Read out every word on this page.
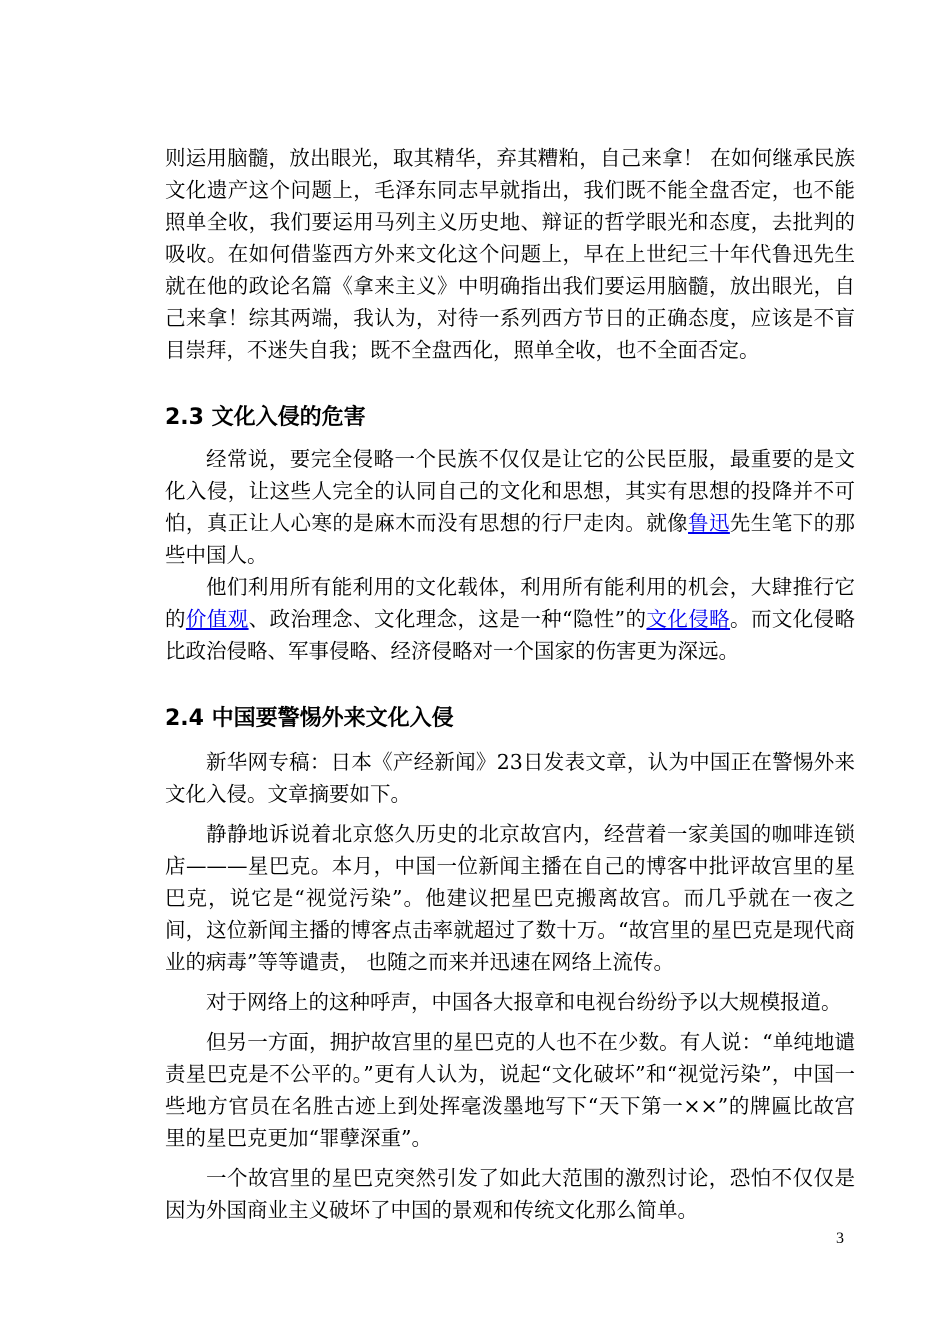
则运用脑髓，放出眼光，取其精华，弃其糟粕，自己来拿！ 在如何继承民族文化遗产这个问题上，毛泽东同志早就指出，我们既不能全盘否定，也不能照单全收，我们要运用马列主义历史地、辩证的哲学眼光和态度，去批判的吸收。在如何借鉴西方外来文化这个问题上，早在上世纪三十年代鲁迅先生就在他的政论名篇《拿来主义》中明确指出我们要运用脑髓，放出眼光，自己来拿！综其两端，我认为，对待一系列西方节日的正确态度，应该是不盲目崇拜，不迷失自我；既不全盘西化，照单全收，也不全面否定。

2.3 文化入侵的危害

经常说，要完全侵略一个民族不仅仅是让它的公民臣服，最重要的是文化入侵，让这些人完全的认同自己的文化和思想，其实有思想的投降并不可怕，真正让人心寒的是麻木而没有思想的行尸走肉。就像鲁迅先生笔下的那些中国人。

他们利用所有能利用的文化载体，利用所有能利用的机会，大肆推行它的价值观、政治理念、文化理念，这是一种“隐性”的文化侵略。而文化侵略比政治侵略、军事侵略、经济侵略对一个国家的伤害更为深远。

2.4 中国要警惕外来文化入侵

新华网专稿：日本《产经新闻》23日发表文章，认为中国正在警惕外来文化入侵。文章摘要如下。

静静地诉说着北京悠久历史的北京故宫内，经营着一家美国的咖啡连锁店———星巴克。本月，中国一位新闻主播在自己的博客中批评故宫里的星巴克，说它是“视觉污染”。他建议把星巴克搬离故宫。而几乎就在一夜之间，这位新闻主播的博客点击率就超过了数十万。“故宫里的星巴克是现代商业的病毒”等等谴责， 也随之而来并迅速在网络上流传。

对于网络上的这种呼声，中国各大报章和电视台纷纷予以大规模报道。

但另一方面，拥护故宫里的星巴克的人也不在少数。有人说：“单纯地谴责星巴克是不公平的。”更有人认为，说起“文化破坏”和“视觉污染”，中国一些地方官员在名胜古迹上到处挥毫泼墨地写下“天下第一××”的牌匾比故宫里的星巴克更加“罪孽深重”。

一个故宫里的星巴克突然引发了如此大范围的激烈讨论，恐怕不仅仅是因为外国商业主义破坏了中国的景观和传统文化那么简单。

3
